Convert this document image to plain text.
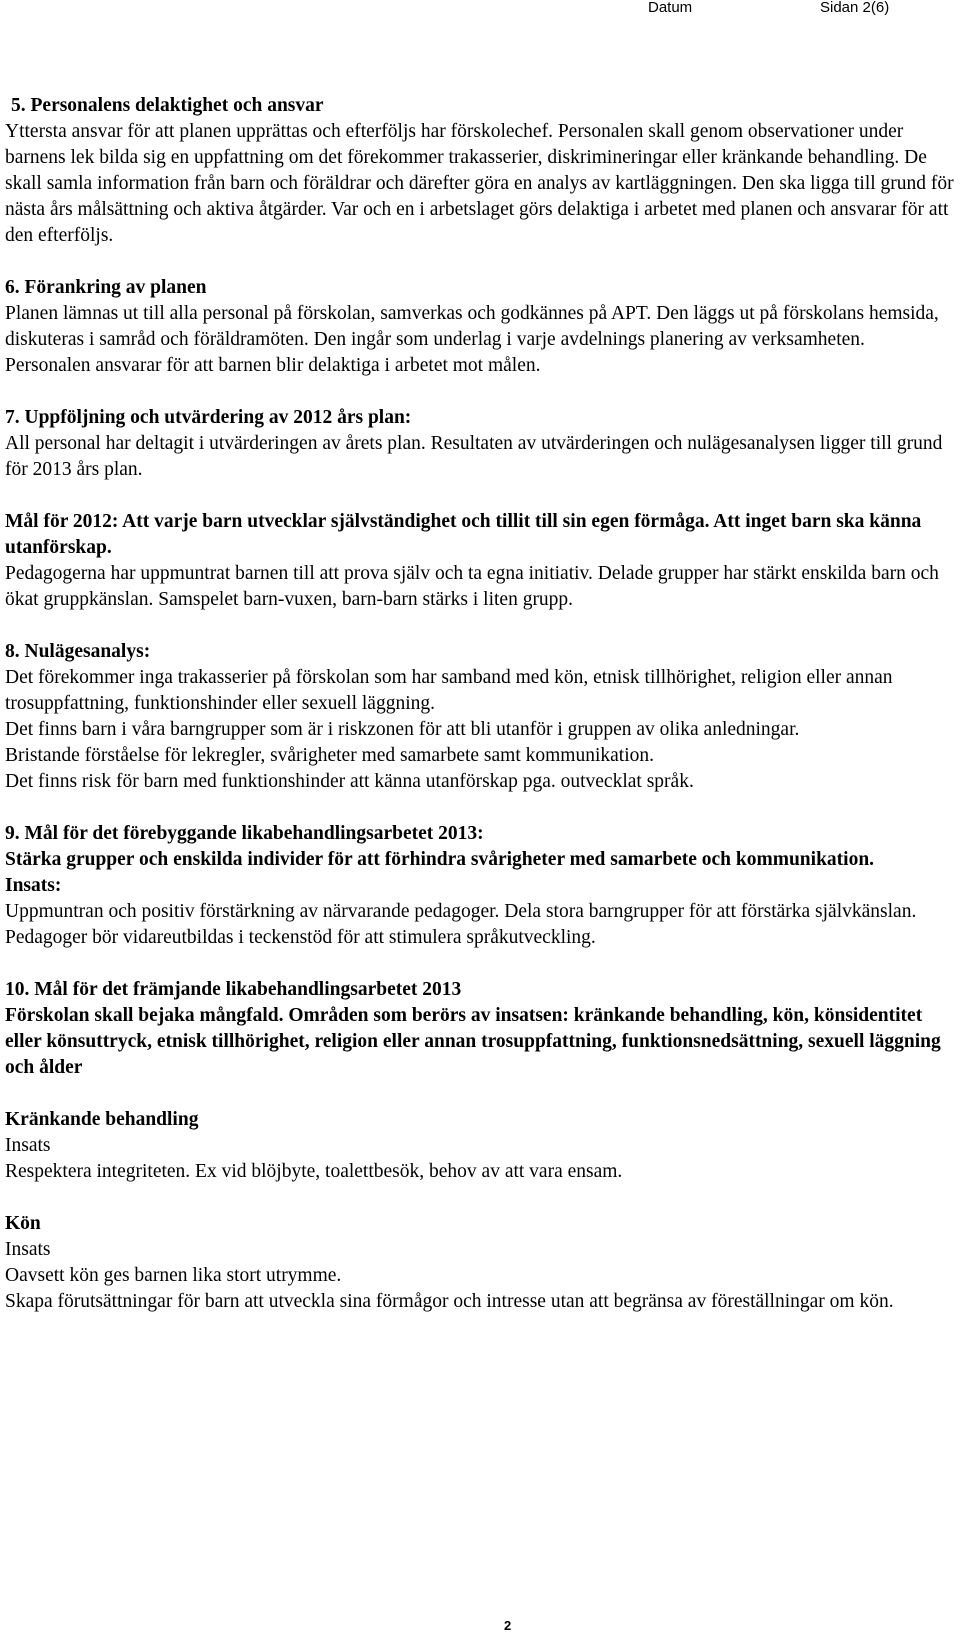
Datum	Sidan 2(6)

5. Personalens delaktighet och ansvar

Yttersta ansvar för att planen upprättas och efterföljs har förskolechef. Personalen skall genom observationer under barnens lek bilda sig en uppfattning om det förekommer trakasserier, diskrimineringar eller kränkande behandling. De skall samla information från barn och föräldrar och därefter göra en analys av kartläggningen. Den ska ligga till grund för nästa års målsättning och aktiva åtgärder. Var och en i arbetslaget görs delaktiga i arbetet med planen och ansvarar för att den efterföljs.

6. Förankring av planen

Planen lämnas ut till alla personal på förskolan, samverkas och godkännes på APT. Den läggs ut på förskolans hemsida, diskuteras i samråd och föräldramöten. Den ingår som underlag i varje avdelnings planering av verksamheten. Personalen ansvarar för att barnen blir delaktiga i arbetet mot målen.

7. Uppföljning och utvärdering av 2012 års plan:

All personal har deltagit i utvärderingen av årets plan. Resultaten av utvärderingen och nulägesanalysen ligger till grund för 2013 års plan.

Mål för 2012: Att varje barn utvecklar självständighet och tillit till sin egen förmåga. Att inget barn ska känna utanförskap.

Pedagogerna har uppmuntrat barnen till att prova själv och ta egna initiativ. Delade grupper har stärkt enskilda barn och ökat gruppkänslan. Samspelet barn-vuxen, barn-barn stärks i liten grupp.

8. Nulägesanalys:

Det förekommer inga trakasserier på förskolan som har samband med kön, etnisk tillhörighet, religion eller annan trosuppfattning, funktionshinder eller sexuell läggning.

Det finns barn i våra barngrupper som är i riskzonen för att bli utanför i gruppen av olika anledningar.

Bristande förståelse för lekregler, svårigheter med samarbete samt kommunikation.

Det finns risk för barn med funktionshinder att känna utanförskap pga. outvecklat språk.

9. Mål för det förebyggande likabehandlingsarbetet 2013:

Stärka grupper och enskilda individer för att förhindra svårigheter med samarbete och kommunikation.

Insats:

Uppmuntran och positiv förstärkning av närvarande pedagoger. Dela stora barngrupper för att förstärka självkänslan. Pedagoger bör vidareutbildas i teckenstöd för att stimulera språkutveckling.

10. Mål för det främjande likabehandlingsarbetet 2013

Förskolan skall bejaka mångfald. Områden som berörs av insatsen: kränkande behandling, kön, könsidentitet eller könsuttryck, etnisk tillhörighet, religion eller annan trosuppfattning, funktionsnedsättning, sexuell läggning och ålder

Kränkande behandling

Insats

Respektera integriteten. Ex vid blöjbyte, toalettbesök, behov av att vara ensam.

Kön

Insats

Oavsett kön ges barnen lika stort utrymme.

Skapa förutsättningar för barn att utveckla sina förmågor och intresse utan att begränsa av föreställningar om kön.

2
